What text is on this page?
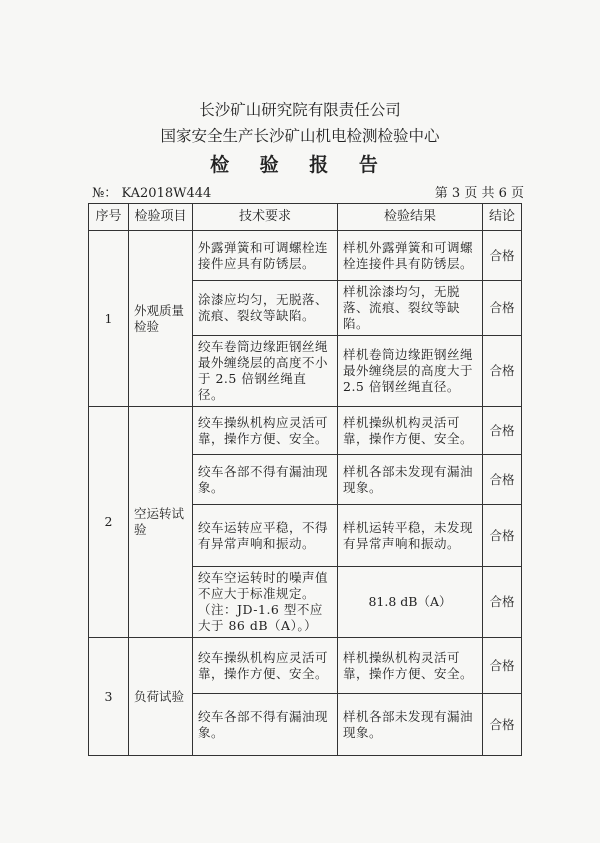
长沙矿山研究院有限责任公司
国家安全生产长沙矿山机电检测检验中心
检 验 报 告
№： KA2018W444	第 3 页 共 6 页
序号	检验项目	技术要求	检验结果	结论
1	外观质量检验	外露弹簧和可调螺栓连接件应具有防锈层。	样机外露弹簧和可调螺栓连接件具有防锈层。	合格
		涂漆应均匀，无脱落、流痕、裂纹等缺陷。	样机涂漆均匀，无脱落、流痕、裂纹等缺陷。	合格
		绞车卷筒边缘距钢丝绳最外缠绕层的高度不小于 2.5 倍钢丝绳直径。	样机卷筒边缘距钢丝绳最外缠绕层的高度大于 2.5 倍钢丝绳直径。	合格
2	空运转试验	绞车操纵机构应灵活可靠，操作方便、安全。	样机操纵机构灵活可靠，操作方便、安全。	合格
		绞车各部不得有漏油现象。	样机各部未发现有漏油现象。	合格
		绞车运转应平稳，不得有异常声响和振动。	样机运转平稳，未发现有异常声响和振动。	合格
		绞车空运转时的噪声值不应大于标准规定。（注：JD-1.6 型不应大于 86 dB（A）。）	81.8 dB（A）	合格
3	负荷试验	绞车操纵机构应灵活可靠，操作方便、安全。	样机操纵机构灵活可靠，操作方便、安全。	合格
		绞车各部不得有漏油现象。	样机各部未发现有漏油现象。	合格
